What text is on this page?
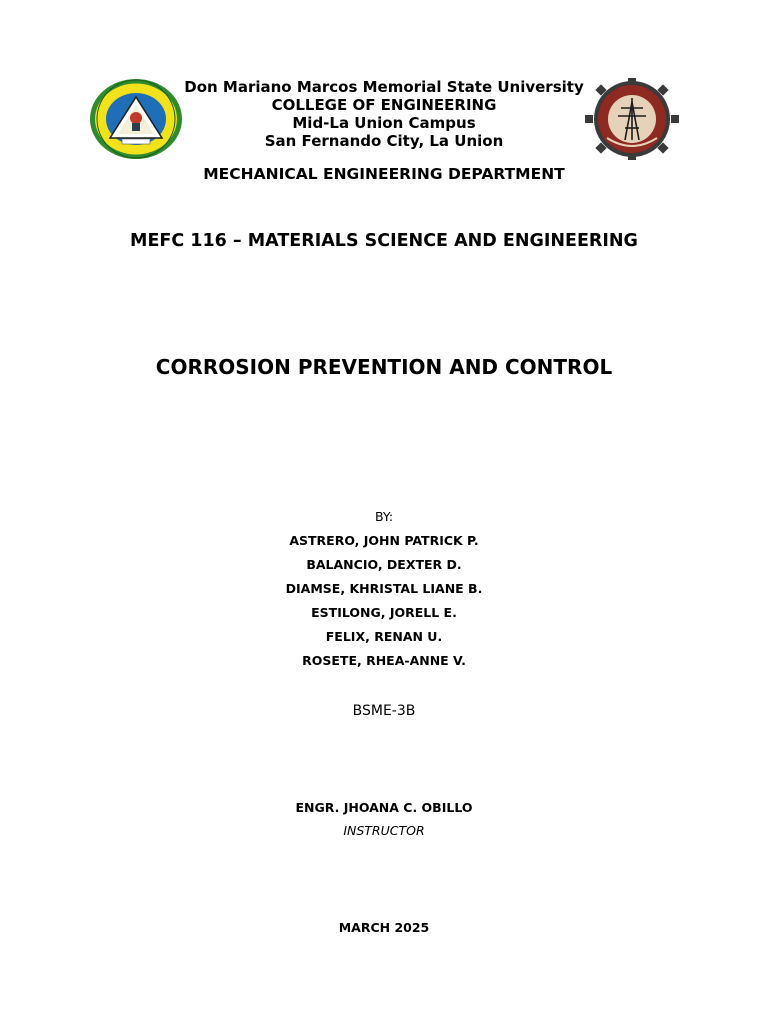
Don Mariano Marcos Memorial State University
COLLEGE OF ENGINEERING
Mid-La Union Campus
San Fernando City, La Union
MECHANICAL ENGINEERING DEPARTMENT
MEFC 116 – MATERIALS SCIENCE AND ENGINEERING
CORROSION PREVENTION AND CONTROL
BY:
ASTRERO, JOHN PATRICK P.
BALANCIO, DEXTER D.
DIAMSE, KHRISTAL LIANE B.
ESTILONG, JORELL E.
FELIX, RENAN U.
ROSETE, RHEA-ANNE V.
BSME-3B
ENGR. JHOANA C. OBILLO
INSTRUCTOR
MARCH 2025
